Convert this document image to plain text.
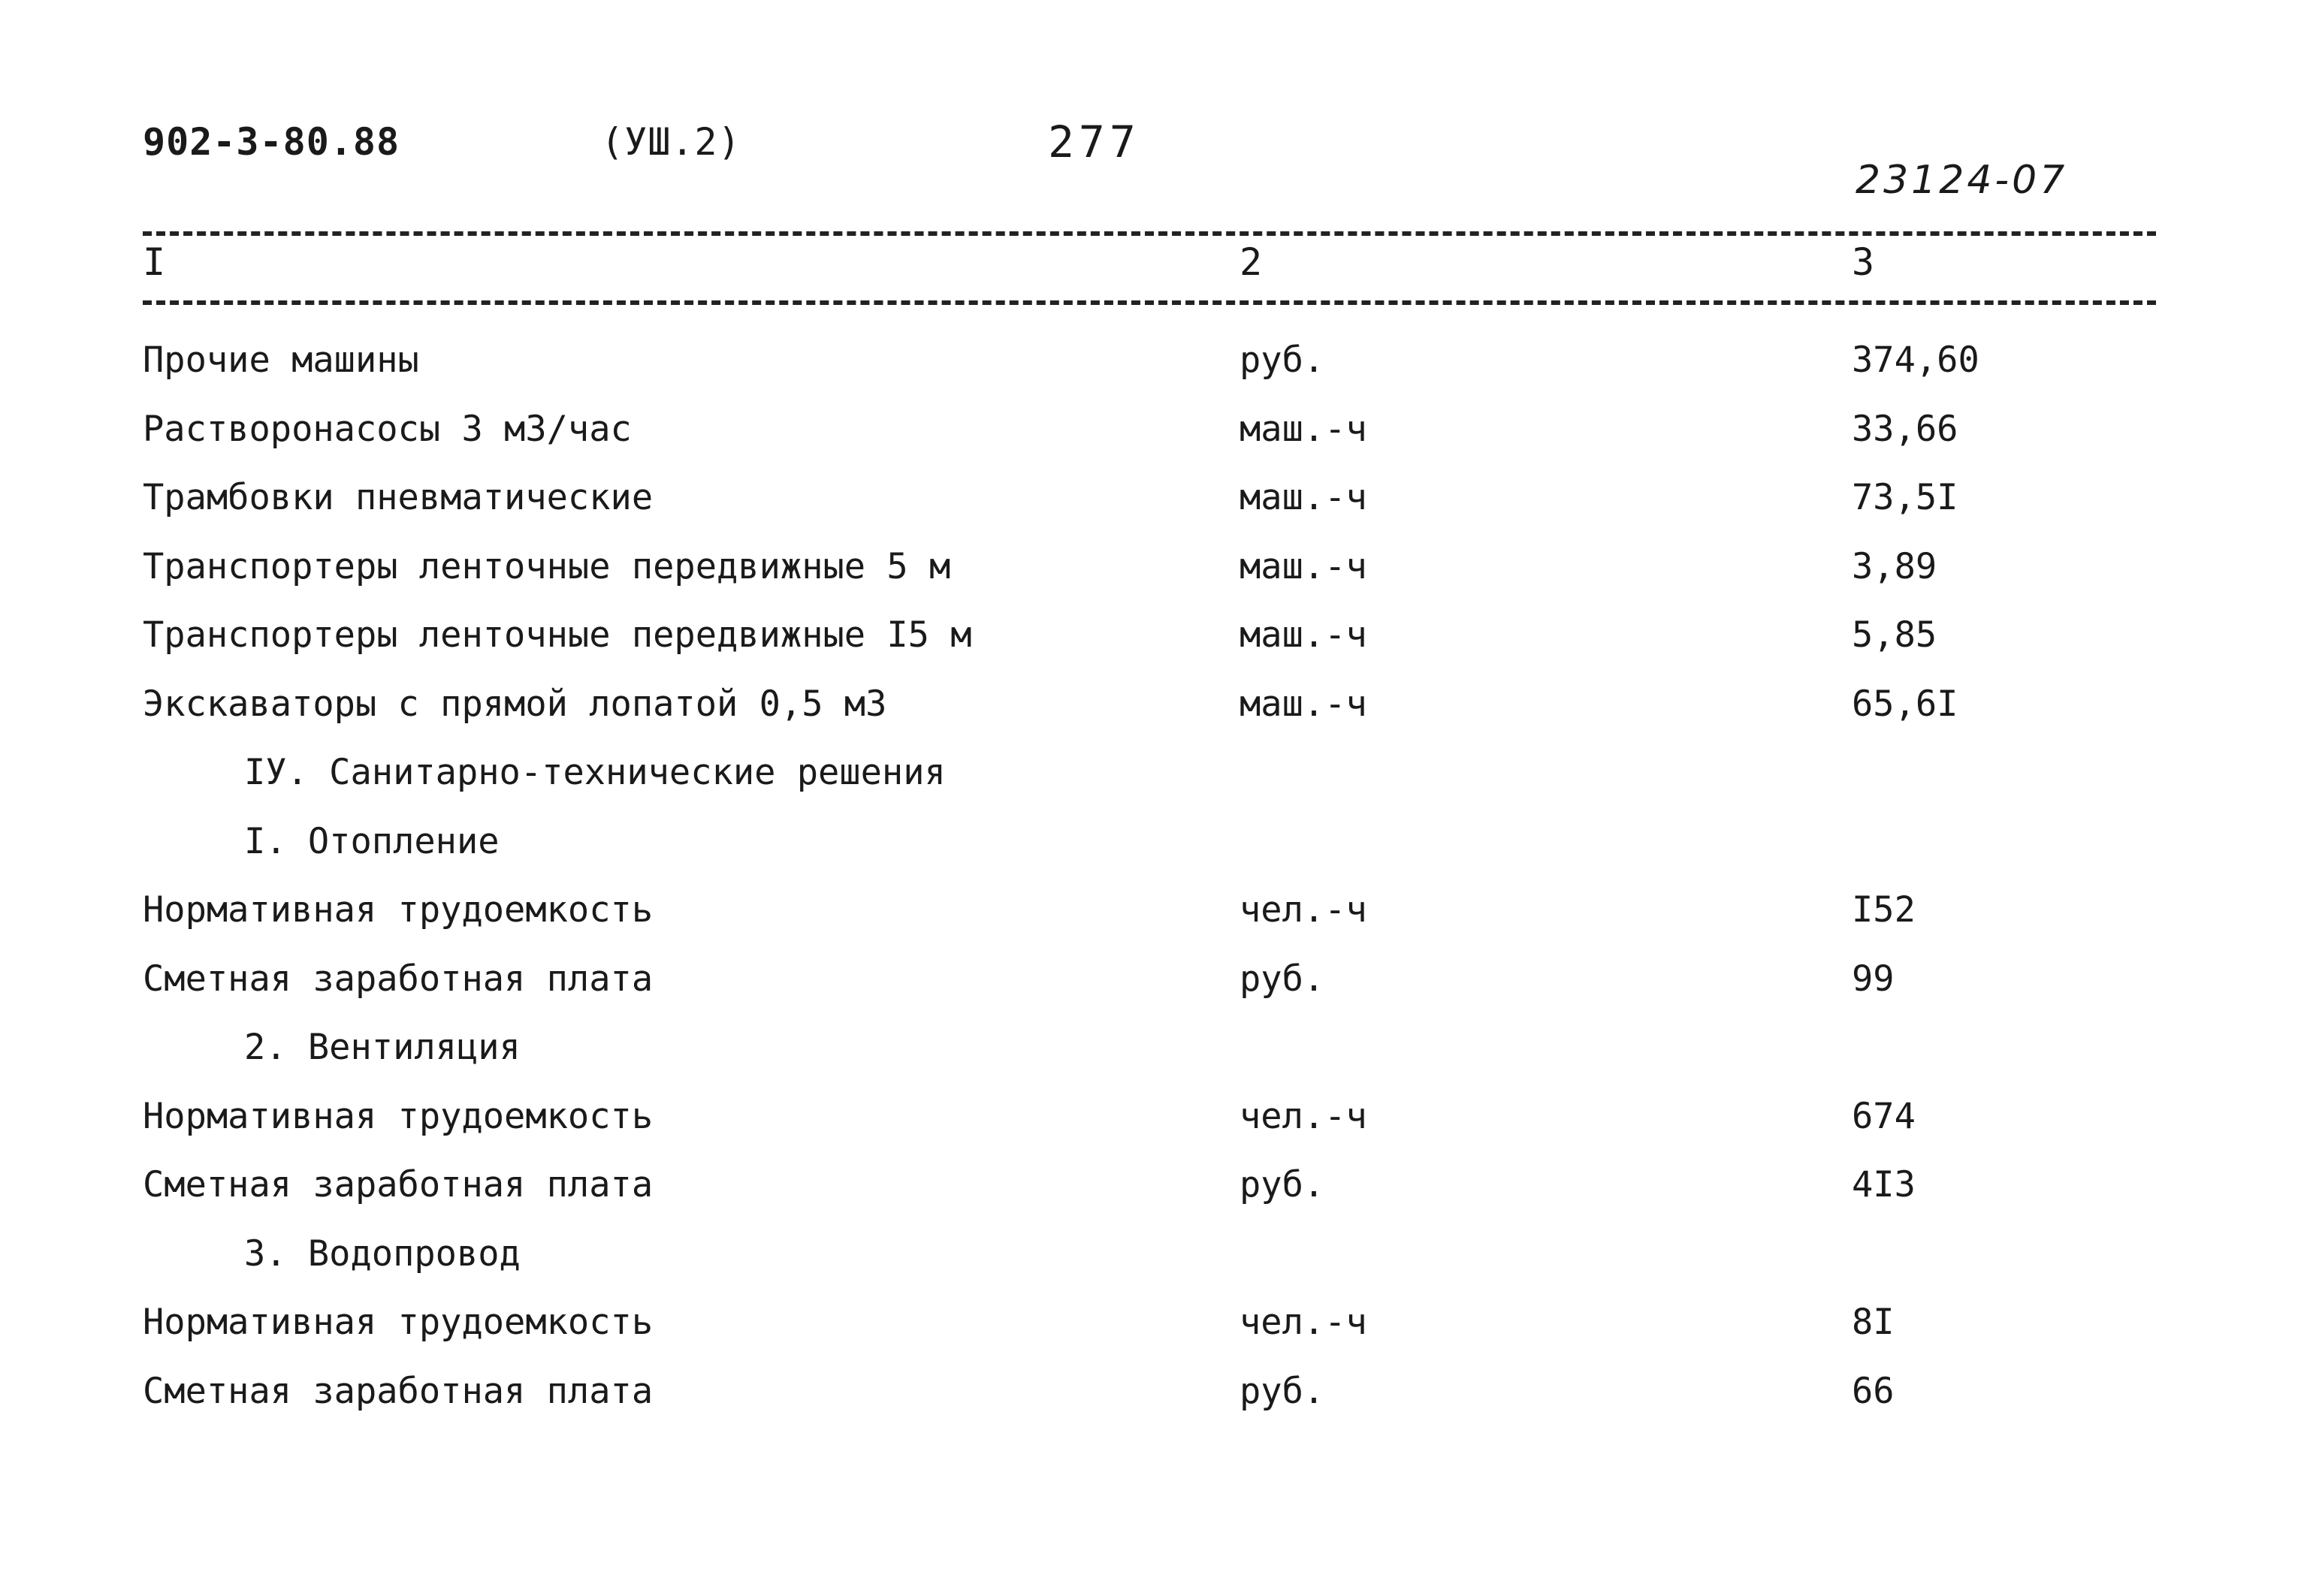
902-3-80.88	(УШ.2)	277
23124-07
I	2	3
Прочие машины	руб.	374,60
Растворонасосы 3 м3/час	маш.-ч	33,66
Трамбовки пневматические	маш.-ч	73,5I
Транспортеры ленточные передвижные 5 м	маш.-ч	3,89
Транспортеры ленточные передвижные I5 м	маш.-ч	5,85
Экскаваторы с прямой лопатой 0,5 м3	маш.-ч	65,6I
IУ. Санитарно-технические решения
I. Отопление
Нормативная трудоемкость	чел.-ч	I52
Сметная заработная плата	руб.	99
2. Вентиляция
Нормативная трудоемкость	чел.-ч	674
Сметная заработная плата	руб.	4I3
3. Водопровод
Нормативная трудоемкость	чел.-ч	8I
Сметная заработная плата	руб.	66
